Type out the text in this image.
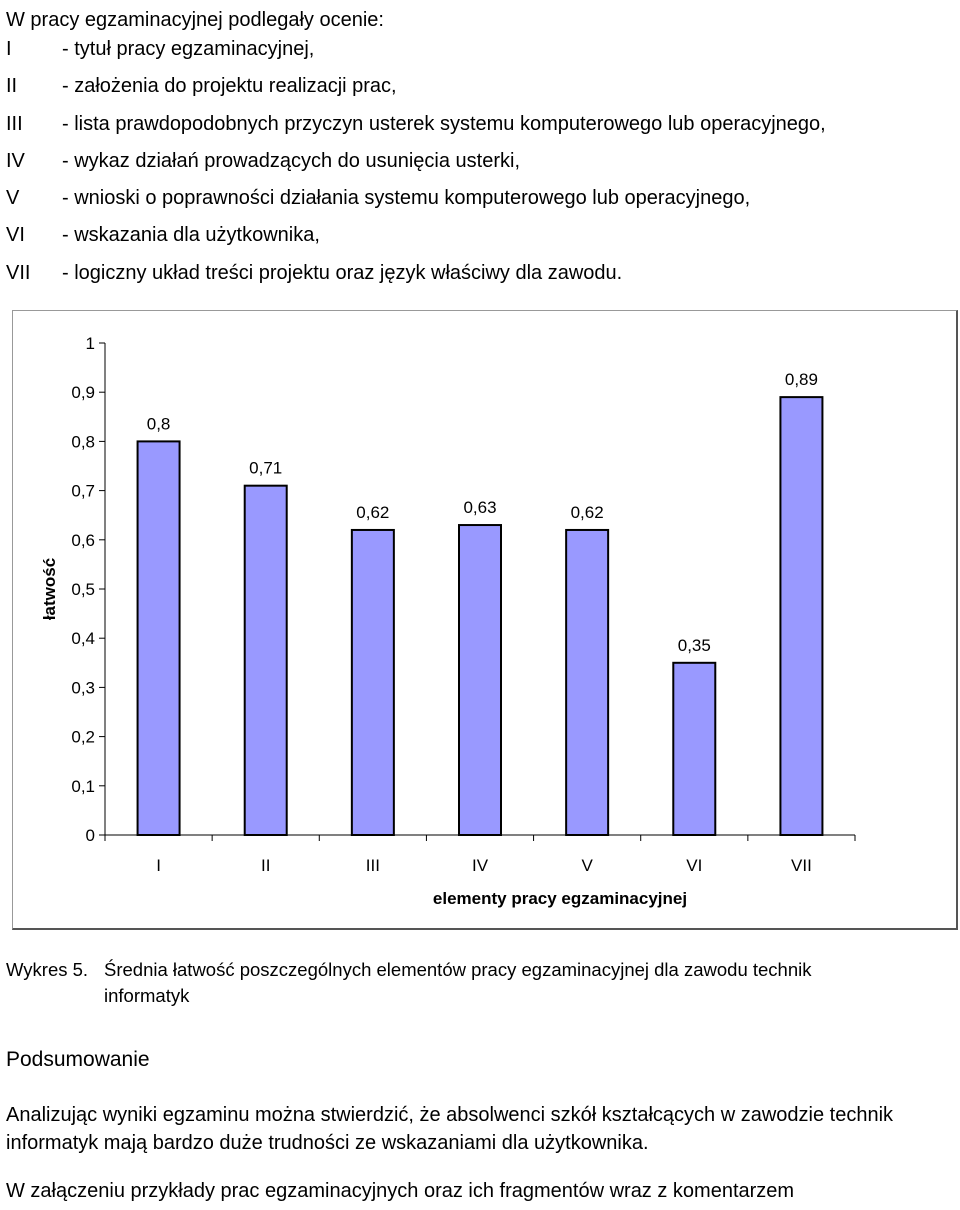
W pracy egzaminacyjnej podlegały ocenie:
I	- tytuł pracy egzaminacyjnej,
II - założenia do projektu realizacji prac,
III - lista prawdopodobnych przyczyn usterek systemu komputerowego lub operacyjnego,
IV - wykaz działań prowadzących do usunięcia usterki,
V - wnioski o poprawności działania systemu komputerowego lub operacyjnego,
VI - wskazania dla użytkownika,
VII - logiczny układ treści projektu oraz język właściwy dla zawodu.
0
0,1
0,2
0,3
0,4
0,5
0,6
0,7
0,8
0,9
1
0,8
I
0,71
II
0,62
III
0,63
IV
0,62
V
0,35
VI
0,89
VII
elementy pracy egzaminacyjnej
łatwość
Wykres 5. Średnia łatwość poszczególnych elementów pracy egzaminacyjnej dla zawodu technik
informatyk
Podsumowanie
Analizując wyniki egzaminu można stwierdzić, że absolwenci szkół kształcących w zawodzie technik informatyk mają bardzo duże trudności ze wskazaniami dla użytkownika.
W załączeniu przykłady prac egzaminacyjnych oraz ich fragmentów wraz z komentarzem
